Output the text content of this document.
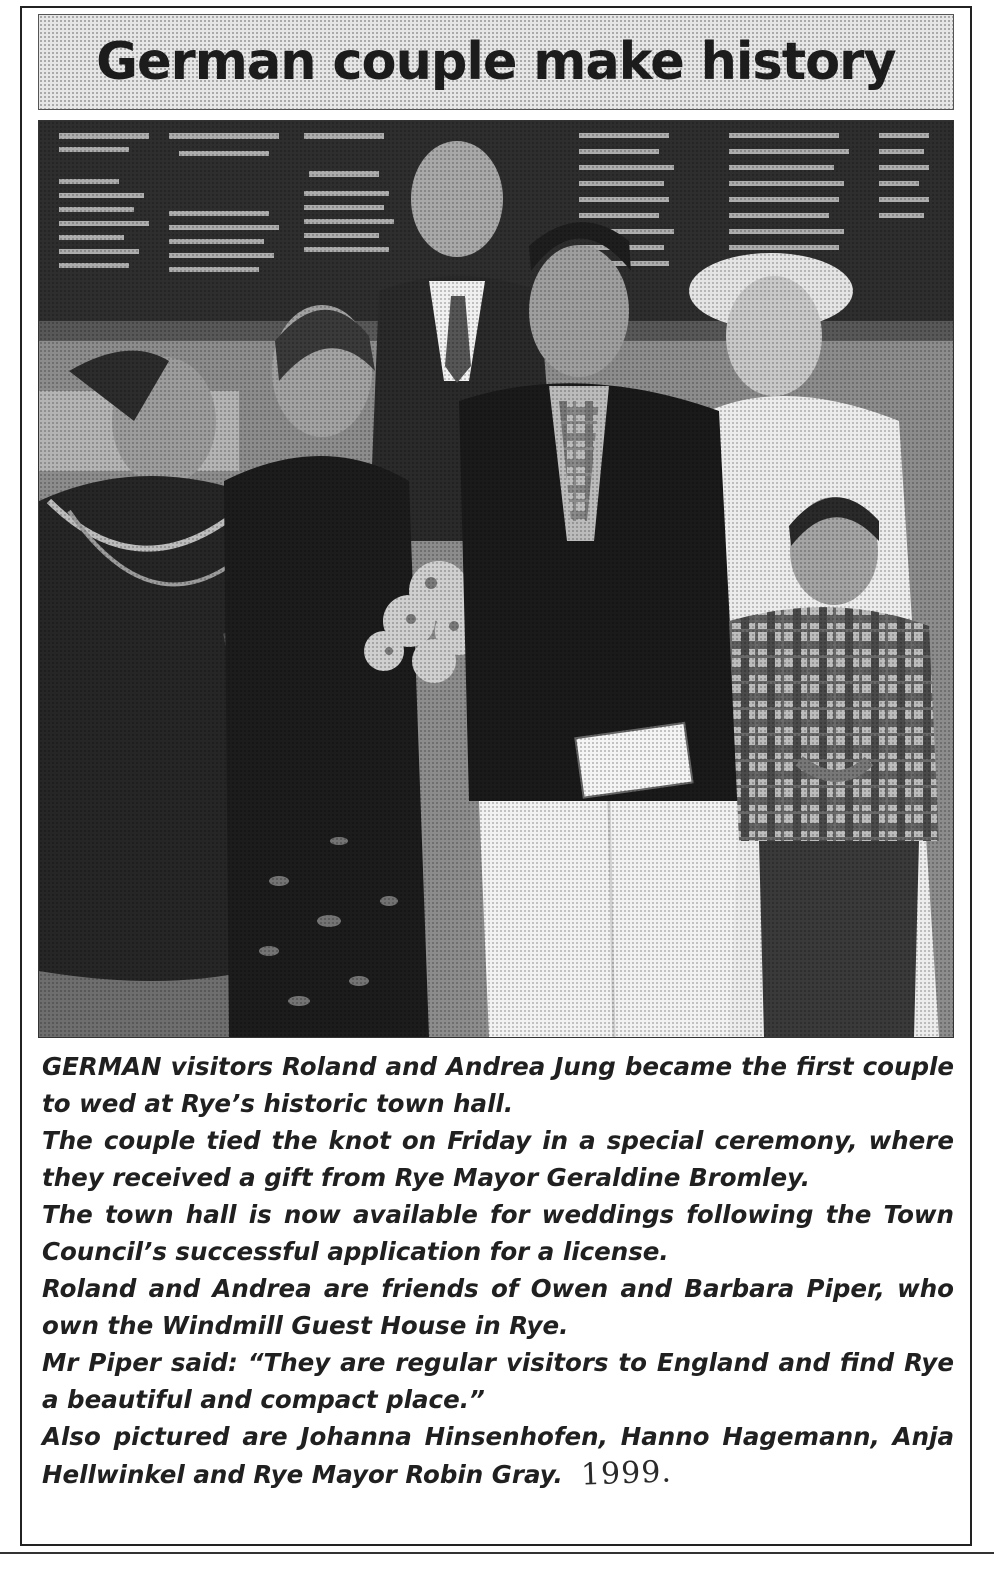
German couple make history

GERMAN visitors Roland and Andrea Jung became the first couple to wed at Rye’s historic town hall.

The couple tied the knot on Friday in a special ceremony, where they received a gift from Rye Mayor Geraldine Bromley.

The town hall is now available for weddings following the Town Council’s successful application for a license.

Roland and Andrea are friends of Owen and Barbara Piper, who own the Windmill Guest House in Rye.

Mr Piper said: “They are regular visitors to England and find Rye a beautiful and compact place.”

Also pictured are Johanna Hinsenhofen, Hanno Hagemann, Anja Hellwinkel and Rye Mayor Robin Gray. 1999.
